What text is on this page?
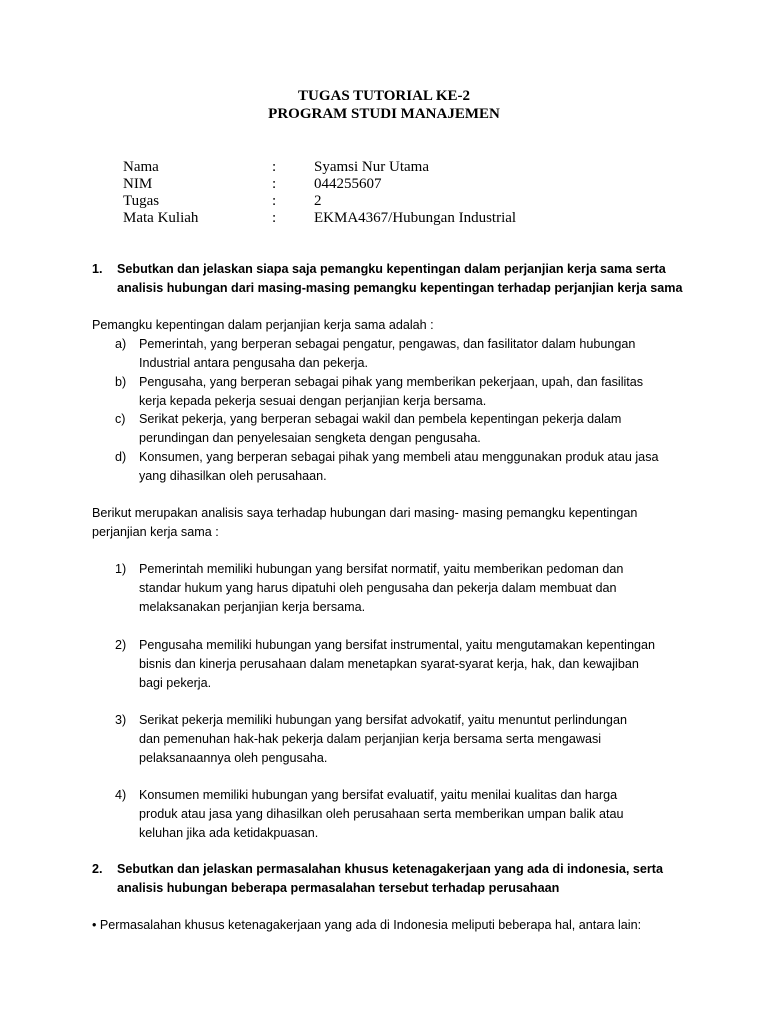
TUGAS TUTORIAL KE-2
PROGRAM STUDI MANAJEMEN
Nama	:	Syamsi Nur Utama
NIM	:	044255607
Tugas	:	2
Mata Kuliah	:	EKMA4367/Hubungan Industrial
1. Sebutkan dan jelaskan siapa saja pemangku kepentingan dalam perjanjian kerja sama serta
analisis hubungan dari masing-masing pemangku kepentingan terhadap perjanjian kerja sama
Pemangku kepentingan dalam perjanjian kerja sama adalah :
a) Pemerintah, yang berperan sebagai pengatur, pengawas, dan fasilitator dalam hubungan
Industrial antara pengusaha dan pekerja.
b) Pengusaha, yang berperan sebagai pihak yang memberikan pekerjaan, upah, dan fasilitas
kerja kepada pekerja sesuai dengan perjanjian kerja bersama.
c) Serikat pekerja, yang berperan sebagai wakil dan pembela kepentingan pekerja dalam
perundingan dan penyelesaian sengketa dengan pengusaha.
d) Konsumen, yang berperan sebagai pihak yang membeli atau menggunakan produk atau jasa
yang dihasilkan oleh perusahaan.
Berikut merupakan analisis saya terhadap hubungan dari masing- masing pemangku kepentingan
perjanjian kerja sama :
1) Pemerintah memiliki hubungan yang bersifat normatif, yaitu memberikan pedoman dan
standar hukum yang harus dipatuhi oleh pengusaha dan pekerja dalam membuat dan
melaksanakan perjanjian kerja bersama.
2) Pengusaha memiliki hubungan yang bersifat instrumental, yaitu mengutamakan kepentingan
bisnis dan kinerja perusahaan dalam menetapkan syarat-syarat kerja, hak, dan kewajiban
bagi pekerja.
3) Serikat pekerja memiliki hubungan yang bersifat advokatif, yaitu menuntut perlindungan
dan pemenuhan hak-hak pekerja dalam perjanjian kerja bersama serta mengawasi
pelaksanaannya oleh pengusaha.
4) Konsumen memiliki hubungan yang bersifat evaluatif, yaitu menilai kualitas dan harga
produk atau jasa yang dihasilkan oleh perusahaan serta memberikan umpan balik atau
keluhan jika ada ketidakpuasan.
2. Sebutkan dan jelaskan permasalahan khusus ketenagakerjaan yang ada di indonesia, serta
analisis hubungan beberapa permasalahan tersebut terhadap perusahaan
• Permasalahan khusus ketenagakerjaan yang ada di Indonesia meliputi beberapa hal, antara lain:
